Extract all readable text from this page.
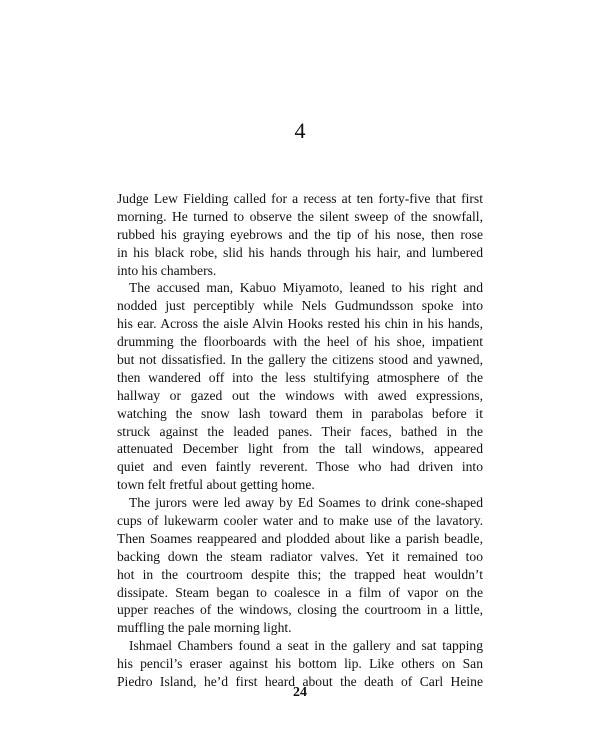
4
Judge Lew Fielding called for a recess at ten forty-five that first
morning. He turned to observe the silent sweep of the snowfall,
rubbed his graying eyebrows and the tip of his nose, then rose
in his black robe, slid his hands through his hair, and lumbered
into his chambers.
The accused man, Kabuo Miyamoto, leaned to his right and
nodded just perceptibly while Nels Gudmundsson spoke into
his ear. Across the aisle Alvin Hooks rested his chin in his hands,
drumming the floorboards with the heel of his shoe, impatient
but not dissatisfied. In the gallery the citizens stood and yawned,
then wandered off into the less stultifying atmosphere of the
hallway or gazed out the windows with awed expressions,
watching the snow lash toward them in parabolas before it
struck against the leaded panes. Their faces, bathed in the
attenuated December light from the tall windows, appeared
quiet and even faintly reverent. Those who had driven into
town felt fretful about getting home.
The jurors were led away by Ed Soames to drink cone-shaped
cups of lukewarm cooler water and to make use of the lavatory.
Then Soames reappeared and plodded about like a parish beadle,
backing down the steam radiator valves. Yet it remained too
hot in the courtroom despite this; the trapped heat wouldn’t
dissipate. Steam began to coalesce in a film of vapor on the
upper reaches of the windows, closing the courtroom in a little,
muffling the pale morning light.
Ishmael Chambers found a seat in the gallery and sat tapping
his pencil’s eraser against his bottom lip. Like others on San
Piedro Island, he’d first heard about the death of Carl Heine
24
